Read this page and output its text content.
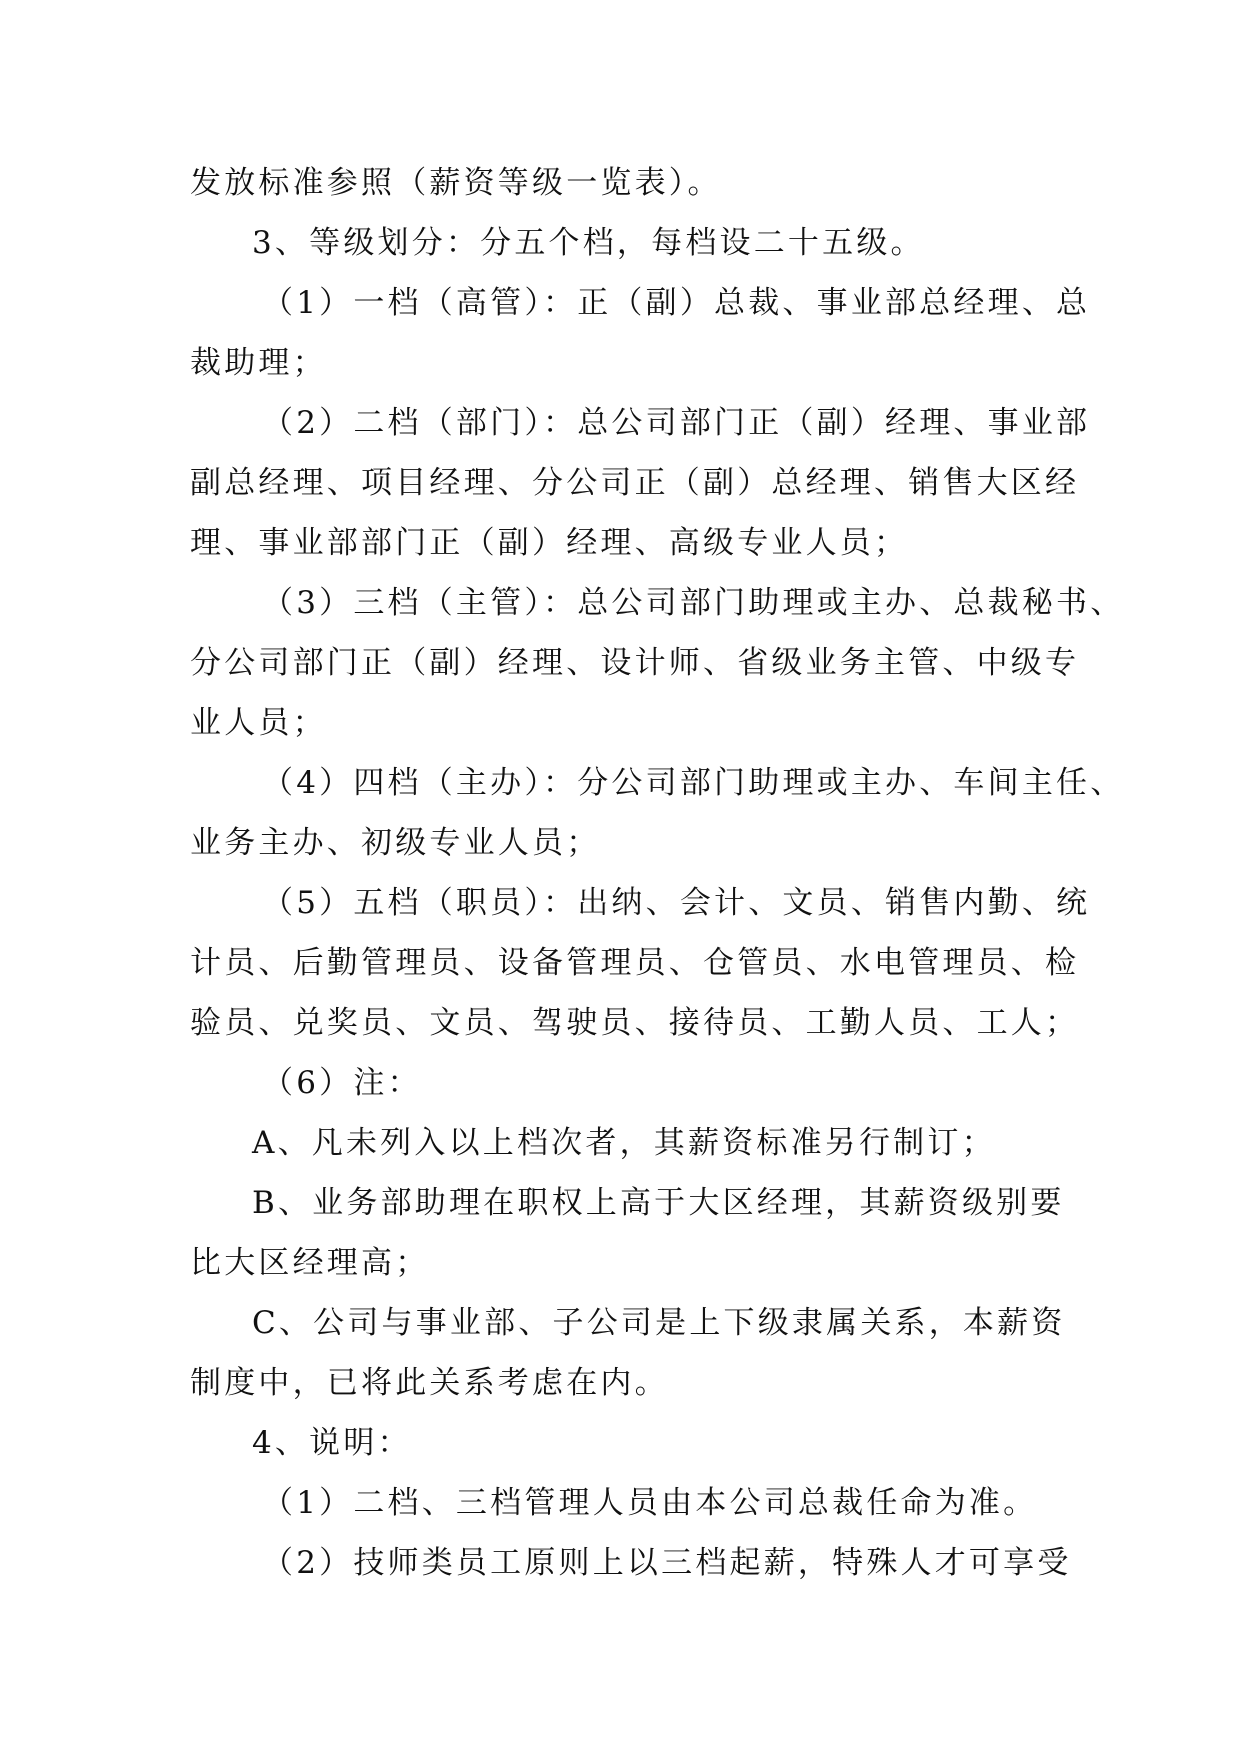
发放标准参照（薪资等级一览表）。
3、等级划分：分五个档，每档设二十五级。
（1）一档（高管）：正（副）总裁、事业部总经理、总
裁助理；
（2）二档（部门）：总公司部门正（副）经理、事业部
副总经理、项目经理、分公司正（副）总经理、销售大区经
理、事业部部门正（副）经理、高级专业人员；
（3）三档（主管）：总公司部门助理或主办、总裁秘书、
分公司部门正（副）经理、设计师、省级业务主管、中级专
业人员；
（4）四档（主办）：分公司部门助理或主办、车间主任、
业务主办、初级专业人员；
（5）五档（职员）：出纳、会计、文员、销售内勤、统
计员、后勤管理员、设备管理员、仓管员、水电管理员、检
验员、兑奖员、文员、驾驶员、接待员、工勤人员、工人；
（6）注：
A、凡未列入以上档次者，其薪资标准另行制订；
B、业务部助理在职权上高于大区经理，其薪资级别要
比大区经理高；
C、公司与事业部、子公司是上下级隶属关系，本薪资
制度中，已将此关系考虑在内。
4、说明：
（1）二档、三档管理人员由本公司总裁任命为准。
（2）技师类员工原则上以三档起薪，特殊人才可享受
